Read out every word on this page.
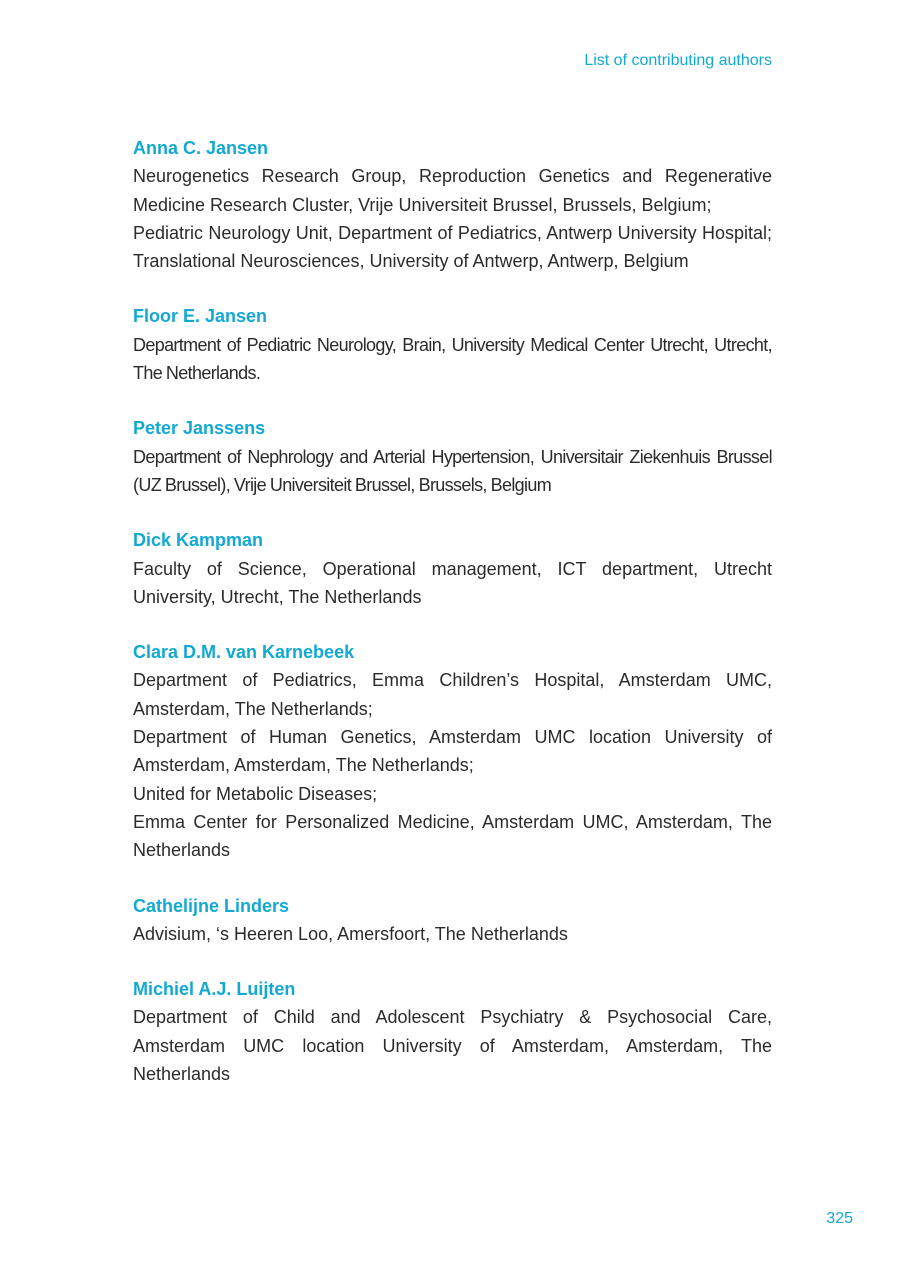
List of contributing authors
Anna C. Jansen
Neurogenetics Research Group, Reproduction Genetics and Regenerative Medicine Research Cluster, Vrije Universiteit Brussel, Brussels, Belgium;
Pediatric Neurology Unit, Department of Pediatrics, Antwerp University Hospital; Translational Neurosciences, University of Antwerp, Antwerp, Belgium
Floor E. Jansen
Department of Pediatric Neurology, Brain, University Medical Center Utrecht, Utrecht, The Netherlands.
Peter Janssens
Department of Nephrology and Arterial Hypertension, Universitair Ziekenhuis Brussel (UZ Brussel), Vrije Universiteit Brussel, Brussels, Belgium
Dick Kampman
Faculty of Science, Operational management, ICT department, Utrecht University, Utrecht, The Netherlands
Clara D.M. van Karnebeek
Department of Pediatrics, Emma Children’s Hospital, Amsterdam UMC, Amsterdam, The Netherlands;
Department of Human Genetics, Amsterdam UMC location University of Amsterdam, Amsterdam, The Netherlands;
United for Metabolic Diseases;
Emma Center for Personalized Medicine, Amsterdam UMC, Amsterdam, The Netherlands
Cathelijne Linders
Advisium, ‘s Heeren Loo, Amersfoort, The Netherlands
Michiel A.J. Luijten
Department of Child and Adolescent Psychiatry & Psychosocial Care, Amsterdam UMC location University of Amsterdam, Amsterdam, The Netherlands
325
